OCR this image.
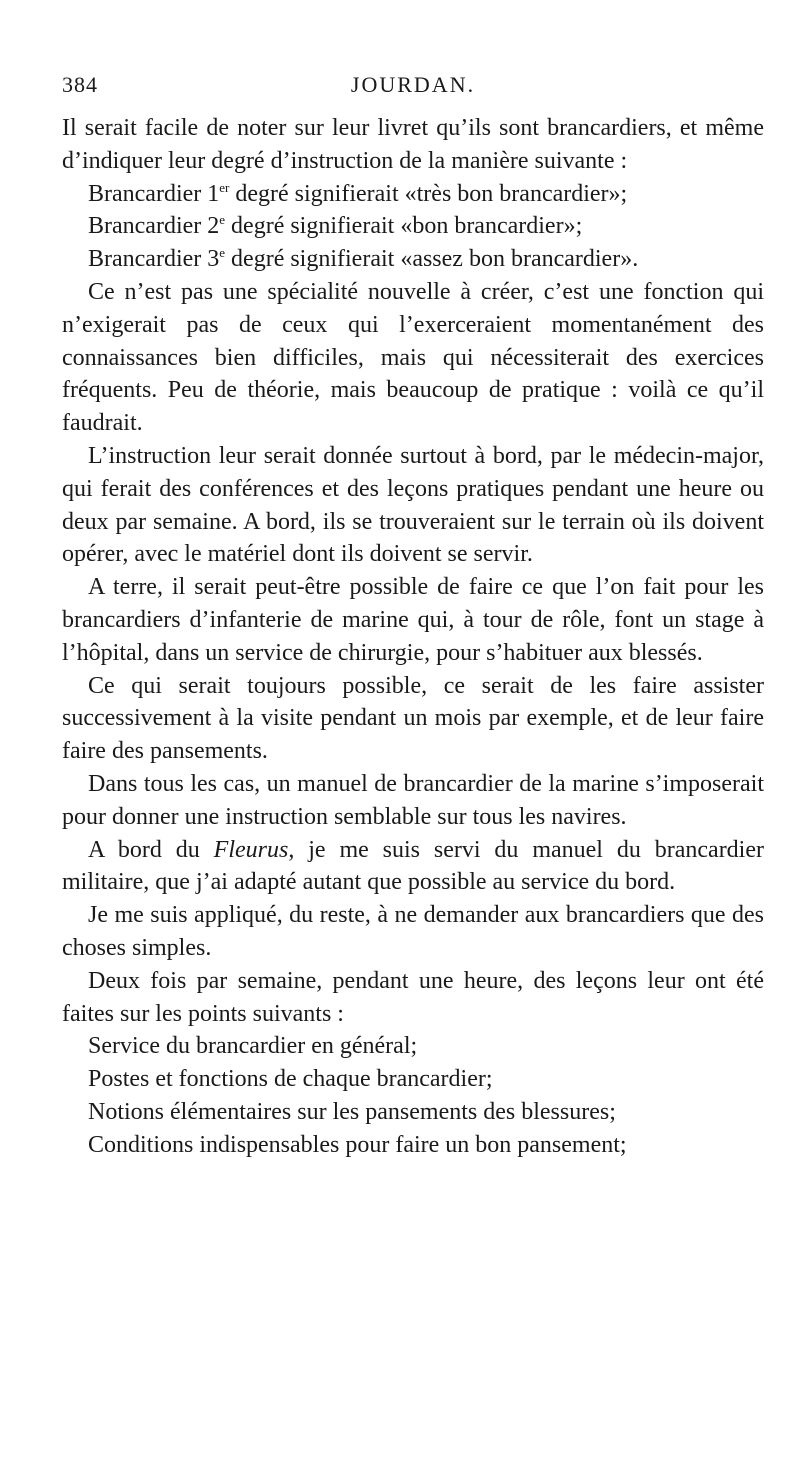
384	JOURDAN.

Il serait facile de noter sur leur livret qu’ils sont brancardiers, et même d’indiquer leur degré d’instruction de la manière suivante :

Brancardier 1er degré signifierait «très bon brancardier»;

Brancardier 2e degré signifierait «bon brancardier»;

Brancardier 3e degré signifierait «assez bon brancardier».

Ce n’est pas une spécialité nouvelle à créer, c’est une fonction qui n’exigerait pas de ceux qui l’exerceraient momentanément des connaissances bien difficiles, mais qui nécessiterait des exercices fréquents. Peu de théorie, mais beaucoup de pratique : voilà ce qu’il faudrait.

L’instruction leur serait donnée surtout à bord, par le médecin-major, qui ferait des conférences et des leçons pratiques pendant une heure ou deux par semaine. A bord, ils se trouveraient sur le terrain où ils doivent opérer, avec le matériel dont ils doivent se servir.

A terre, il serait peut-être possible de faire ce que l’on fait pour les brancardiers d’infanterie de marine qui, à tour de rôle, font un stage à l’hôpital, dans un service de chirurgie, pour s’habituer aux blessés.

Ce qui serait toujours possible, ce serait de les faire assister successivement à la visite pendant un mois par exemple, et de leur faire faire des pansements.

Dans tous les cas, un manuel de brancardier de la marine s’imposerait pour donner une instruction semblable sur tous les navires.

A bord du Fleurus, je me suis servi du manuel du brancardier militaire, que j’ai adapté autant que possible au service du bord.

Je me suis appliqué, du reste, à ne demander aux brancardiers que des choses simples.

Deux fois par semaine, pendant une heure, des leçons leur ont été faites sur les points suivants :

Service du brancardier en général;

Postes et fonctions de chaque brancardier;

Notions élémentaires sur les pansements des blessures;

Conditions indispensables pour faire un bon pansement;
